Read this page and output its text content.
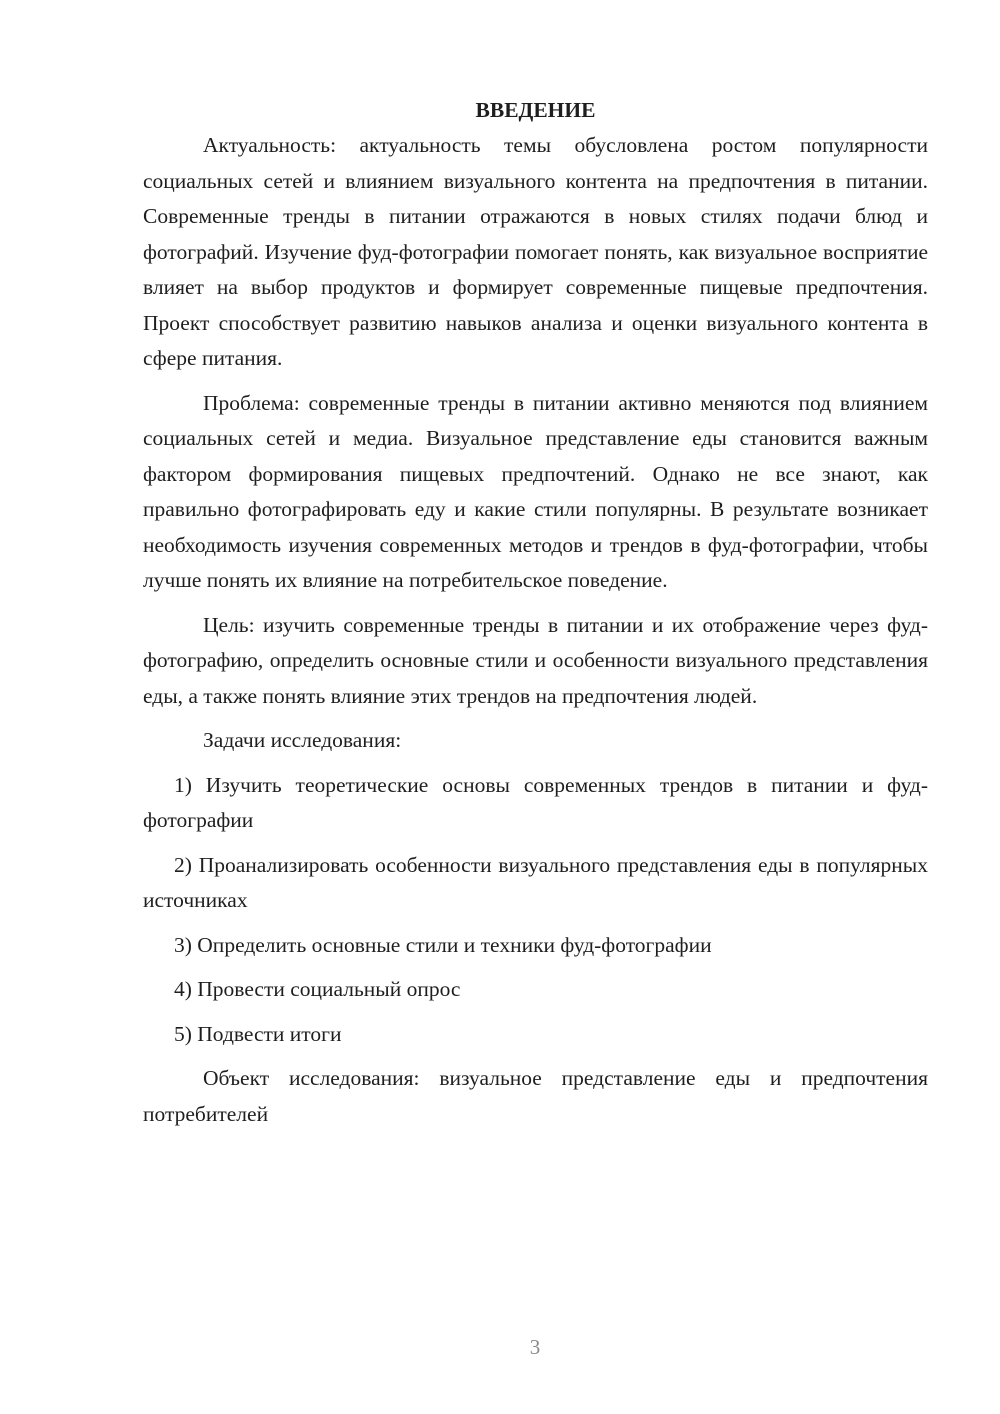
ВВЕДЕНИЕ

Актуальность: актуальность темы обусловлена ростом популярности социальных сетей и влиянием визуального контента на предпочтения в питании. Современные тренды в питании отражаются в новых стилях подачи блюд и фотографий. Изучение фуд-фотографии помогает понять, как визуальное восприятие влияет на выбор продуктов и формирует современные пищевые предпочтения. Проект способствует развитию навыков анализа и оценки визуального контента в сфере питания.

Проблема: современные тренды в питании активно меняются под влиянием социальных сетей и медиа. Визуальное представление еды становится важным фактором формирования пищевых предпочтений. Однако не все знают, как правильно фотографировать еду и какие стили популярны. В результате возникает необходимость изучения современных методов и трендов в фуд-фотографии, чтобы лучше понять их влияние на потребительское поведение.

Цель: изучить современные тренды в питании и их отображение через фуд-фотографию, определить основные стили и особенности визуального представления еды, а также понять влияние этих трендов на предпочтения людей.

Задачи исследования:

1) Изучить теоретические основы современных трендов в питании и фуд-фотографии

2) Проанализировать особенности визуального представления еды в популярных источниках

3) Определить основные стили и техники фуд-фотографии

4) Провести социальный опрос

5) Подвести итоги

Объект исследования: визуальное представление еды и предпочтения потребителей

3
